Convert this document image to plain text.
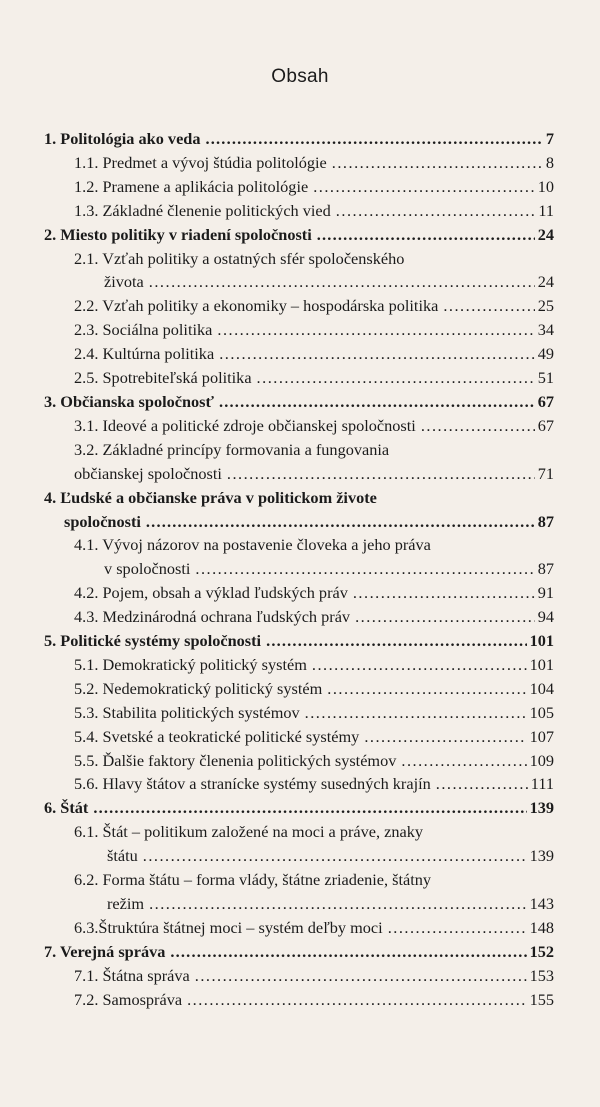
Obsah
1. Politológia ako veda .....	7
1.1. Predmet a vývoj štúdia politológie .....	8
1.2. Pramene a aplikácia politológie .....	10
1.3. Základné členenie politických vied .....	11
2. Miesto politiky v riadení spoločnosti .....	24
2.1. Vzťah politiky a ostatných sfér spoločenského
života .....	24
2.2. Vzťah politiky a ekonomiky – hospodárska politika .....	25
2.3. Sociálna politika .....	34
2.4. Kultúrna politika .....	49
2.5. Spotrebiteľská politika .....	51
3. Občianska spoločnosť .....	67
3.1. Ideové a politické zdroje občianskej spoločnosti .....	67
3.2. Základné princípy formovania a fungovania
občianskej spoločnosti .....	71
4. Ľudské a občianske práva v politickom živote
spoločnosti .....	87
4.1. Vývoj názorov na postavenie človeka a jeho práva
v spoločnosti .....	87
4.2. Pojem, obsah a výklad ľudských práv .....	91
4.3. Medzinárodná ochrana ľudských práv .....	94
5. Politické systémy spoločnosti .....	101
5.1. Demokratický politický systém .....	101
5.2. Nedemokratický politický systém .....	104
5.3. Stabilita politických systémov .....	105
5.4. Svetské a teokratické politické systémy .....	107
5.5. Ďalšie faktory členenia politických systémov .....	109
5.6. Hlavy štátov a stranícke systémy susedných krajín .....	111
6. Štát .....	139
6.1. Štát – politikum založené na moci a práve, znaky
štátu .....	139
6.2. Forma štátu – forma vlády, štátne zriadenie, štátny
režim .....	143
6.3.Štruktúra štátnej moci – systém deľby moci .....	148
7. Verejná správa .....	152
7.1. Štátna správa .....	153
7.2. Samospráva .....	155
